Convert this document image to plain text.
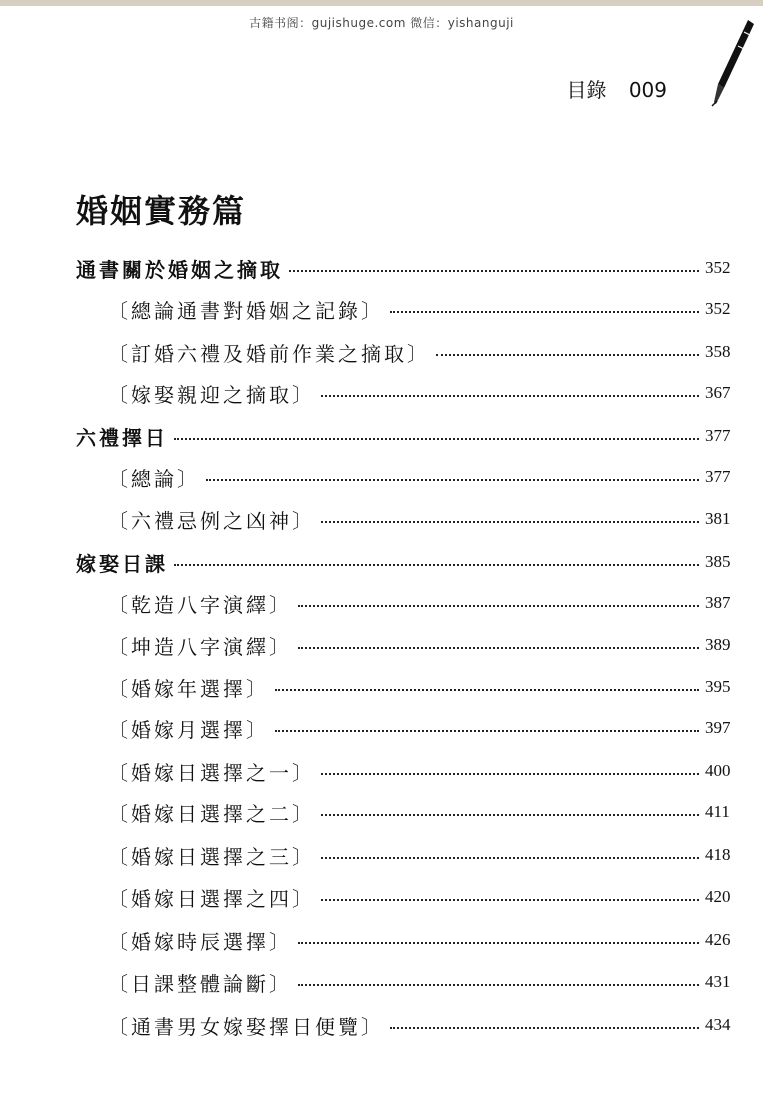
古籍书阁：gujishuge.com 微信：yishanguji
目錄 009
婚姻實務篇
通書關於婚姻之摘取	352
〔總論通書對婚姻之記錄〕	352
〔訂婚六禮及婚前作業之摘取〕	358
〔嫁娶親迎之摘取〕	367
六禮擇日	377
〔總論〕	377
〔六禮忌例之凶神〕	381
嫁娶日課	385
〔乾造八字演繹〕	387
〔坤造八字演繹〕	389
〔婚嫁年選擇〕	395
〔婚嫁月選擇〕	397
〔婚嫁日選擇之一〕	400
〔婚嫁日選擇之二〕	411
〔婚嫁日選擇之三〕	418
〔婚嫁日選擇之四〕	420
〔婚嫁時辰選擇〕	426
〔日課整體論斷〕	431
〔通書男女嫁娶擇日便覽〕	434
